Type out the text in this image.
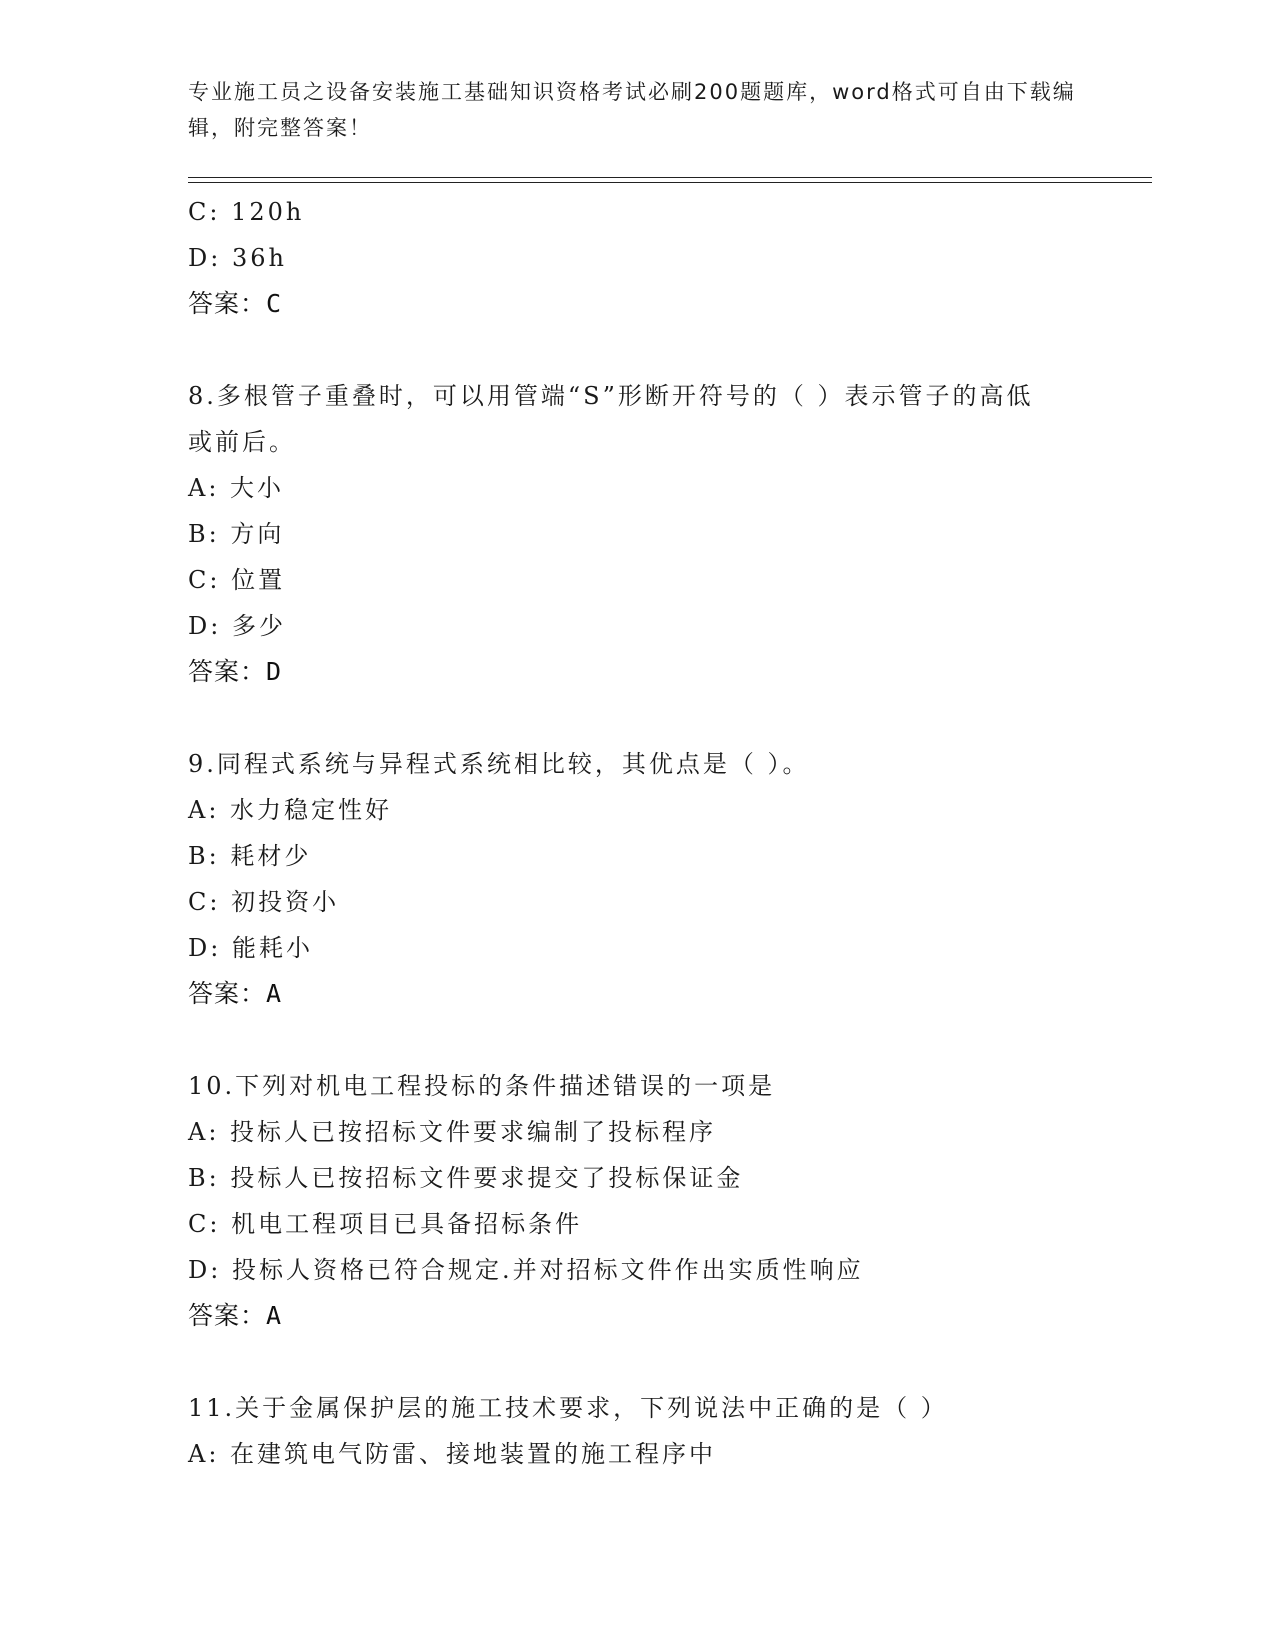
专业施工员之设备安装施工基础知识资格考试必刷200题题库，word格式可自由下载编辑，附完整答案！
C: 120h
D: 36h
答案：C
8.多根管子重叠时，可以用管端“S”形断开符号的（ ）表示管子的高低或前后。
A: 大小
B: 方向
C: 位置
D: 多少
答案：D
9.同程式系统与异程式系统相比较，其优点是（ ）。
A: 水力稳定性好
B: 耗材少
C: 初投资小
D: 能耗小
答案：A
10.下列对机电工程投标的条件描述错误的一项是
A: 投标人已按招标文件要求编制了投标程序
B: 投标人已按招标文件要求提交了投标保证金
C: 机电工程项目已具备招标条件
D: 投标人资格已符合规定.并对招标文件作出实质性响应
答案：A
11.关于金属保护层的施工技术要求，下列说法中正确的是（ ）
A: 在建筑电气防雷、接地装置的施工程序中
